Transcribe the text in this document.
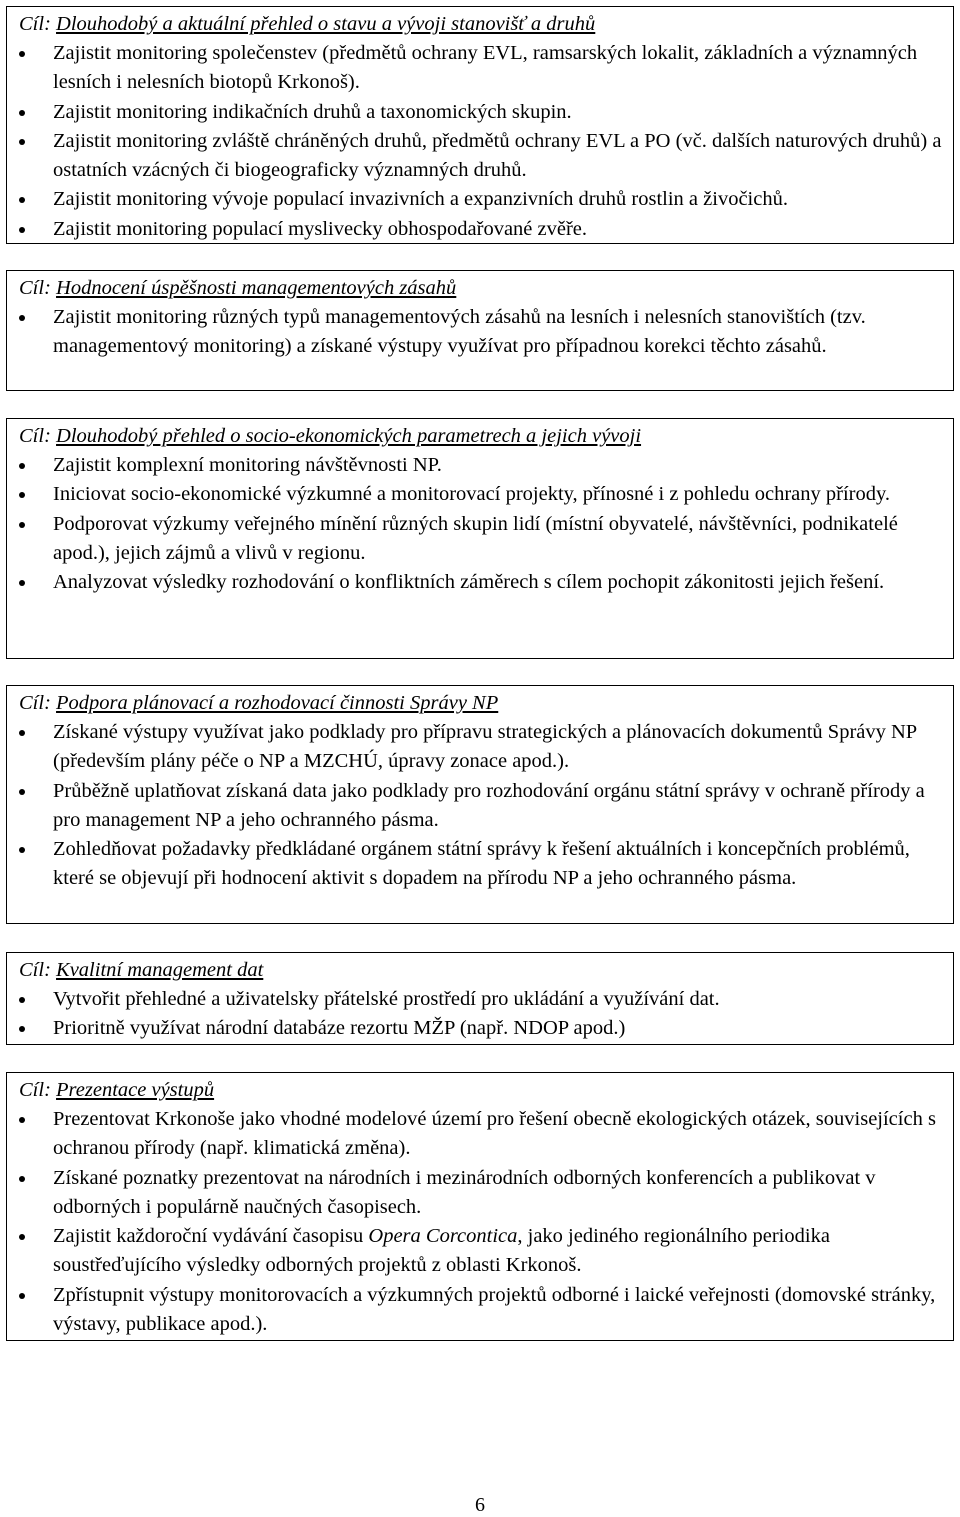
Cíl: Dlouhodobý a aktuální přehled o stavu a vývoji stanovišť a druhů
Zajistit monitoring společenstev (předmětů ochrany EVL, ramsarských lokalit, základních a významných lesních i nelesních biotopů Krkonoš).
Zajistit monitoring indikačních druhů a taxonomických skupin.
Zajistit monitoring zvláště chráněných druhů, předmětů ochrany EVL a PO (vč. dalších naturových druhů) a ostatních vzácných či biogeograficky významných druhů.
Zajistit monitoring vývoje populací invazivních a expanzivních druhů rostlin a živočichů.
Zajistit monitoring populací myslivecky obhospodařované zvěře.
Cíl: Hodnocení úspěšnosti managementových zásahů
Zajistit monitoring různých typů managementových zásahů na lesních i nelesních stanovištích (tzv. managementový monitoring) a získané výstupy využívat pro případnou korekci těchto zásahů.
Cíl: Dlouhodobý přehled o socio-ekonomických parametrech a jejich vývoji
Zajistit komplexní monitoring návštěvnosti NP.
Iniciovat socio-ekonomické výzkumné a monitorovací projekty, přínosné i z pohledu ochrany přírody.
Podporovat výzkumy veřejného mínění různých skupin lidí (místní obyvatelé, návštěvníci, podnikatelé apod.), jejich zájmů a vlivů v regionu.
Analyzovat výsledky rozhodování o konfliktních záměrech s cílem pochopit zákonitosti jejich řešení.
Cíl: Podpora plánovací a rozhodovací činnosti Správy NP
Získané výstupy využívat jako podklady pro přípravu strategických a plánovacích dokumentů Správy NP (především plány péče o NP a MZCHÚ, úpravy zonace apod.).
Průběžně uplatňovat získaná data jako podklady pro rozhodování orgánu státní správy v ochraně přírody a pro management NP a jeho ochranného pásma.
Zohledňovat požadavky předkládané orgánem státní správy k řešení aktuálních i koncepčních problémů, které se objevují při hodnocení aktivit s dopadem na přírodu NP a jeho ochranného pásma.
Cíl: Kvalitní management dat
Vytvořit přehledné a uživatelsky přátelské prostředí pro ukládání a využívání dat.
Prioritně využívat národní databáze rezortu MŽP (např. NDOP apod.)
Cíl: Prezentace výstupů
Prezentovat Krkonoše jako vhodné modelové území pro řešení obecně ekologických otázek, souvisejících s ochranou přírody (např. klimatická změna).
Získané poznatky prezentovat na národních i mezinárodních odborných konferencích a publikovat v odborných i populárně naučných časopisech.
Zajistit každoroční vydávání časopisu Opera Corcontica, jako jediného regionálního periodika soustřeďujícího výsledky odborných projektů z oblasti Krkonoš.
Zpřístupnit výstupy monitorovacích a výzkumných projektů odborné i laické veřejnosti (domovské stránky, výstavy, publikace apod.).
6
